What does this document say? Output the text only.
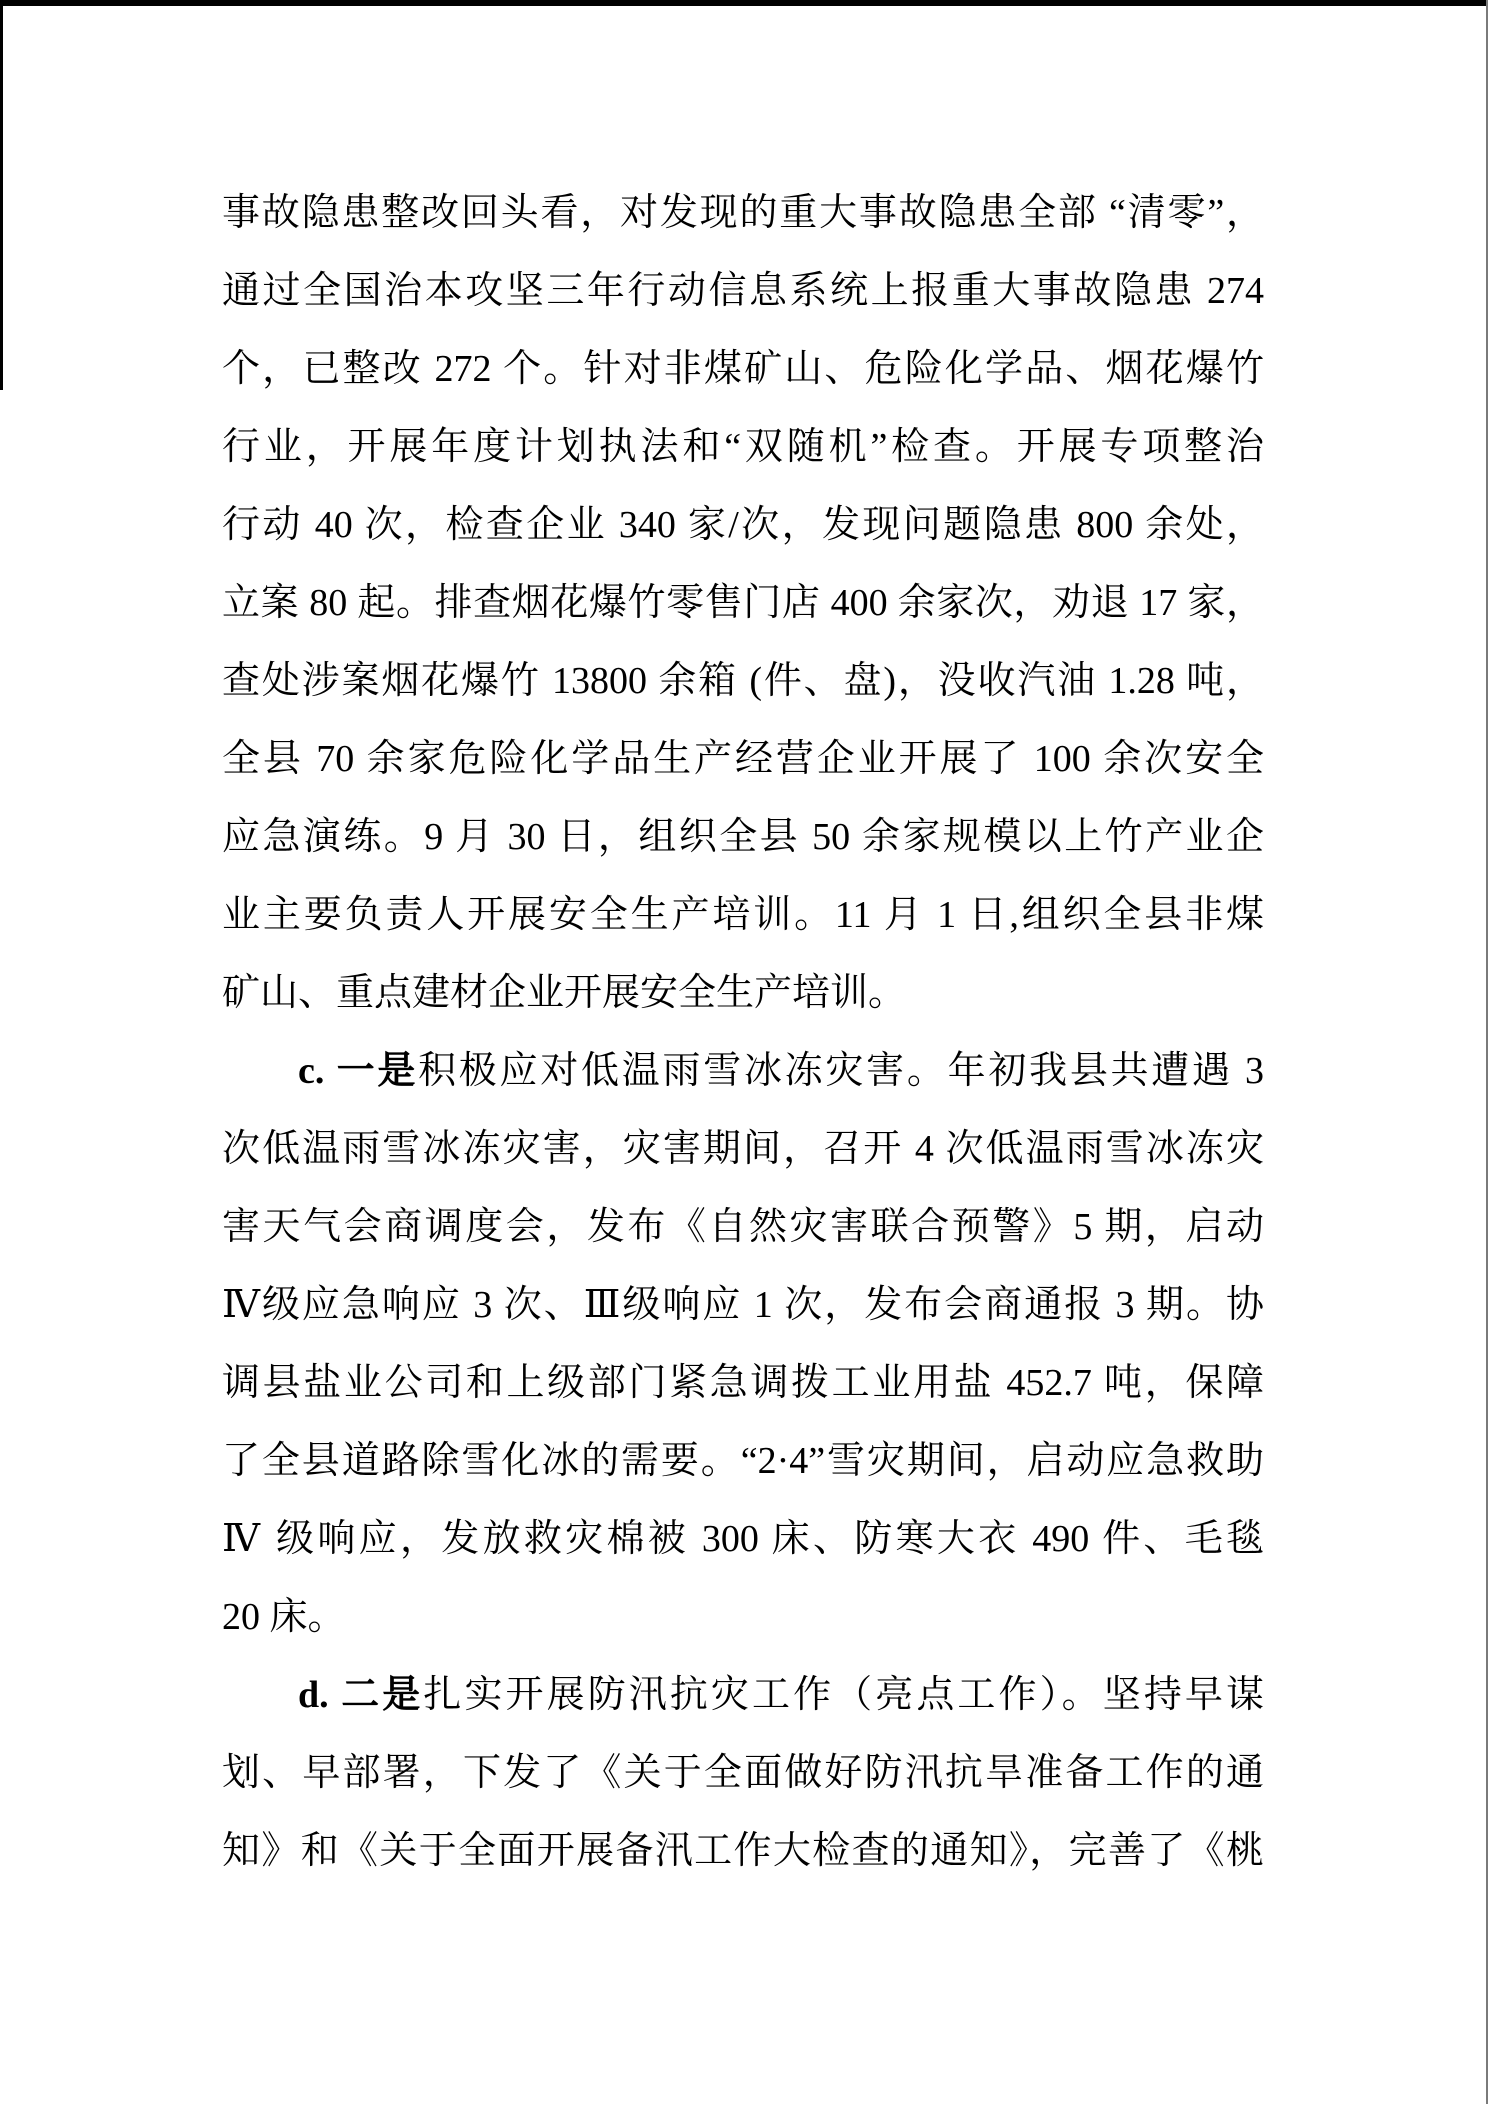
事故隐患整改回头看，对发现的重大事故隐患全部 “清零”，
通过全国治本攻坚三年行动信息系统上报重大事故隐患 274
个，已整改 272 个。针对非煤矿山、危险化学品、烟花爆竹
行业，开展年度计划执法和“双随机”检查。开展专项整治
行动 40 次，检查企业 340 家/次，发现问题隐患 800 余处，
立案 80 起。排查烟花爆竹零售门店 400 余家次，劝退 17 家，
查处涉案烟花爆竹 13800 余箱 (件、盘)，没收汽油 1.28 吨，
全县 70 余家危险化学品生产经营企业开展了 100 余次安全
应急演练。9 月 30 日，组织全县 50 余家规模以上竹产业企
业主要负责人开展安全生产培训。11 月 1 日,组织全县非煤
矿山、重点建材企业开展安全生产培训。
c. 一是积极应对低温雨雪冰冻灾害。年初我县共遭遇 3
次低温雨雪冰冻灾害，灾害期间，召开 4 次低温雨雪冰冻灾
害天气会商调度会，发布《自然灾害联合预警》5 期，启动
Ⅳ级应急响应 3 次、Ⅲ级响应 1 次，发布会商通报 3 期。协
调县盐业公司和上级部门紧急调拨工业用盐 452.7 吨，保障
了全县道路除雪化冰的需要。“2·4”雪灾期间，启动应急救助
Ⅳ 级响应，发放救灾棉被 300 床、防寒大衣 490 件、毛毯
20 床。
d. 二是扎实开展防汛抗灾工作（亮点工作）。坚持早谋
划、早部署，下发了《关于全面做好防汛抗旱准备工作的通
知》和《关于全面开展备汛工作大检查的通知》，完善了《桃
